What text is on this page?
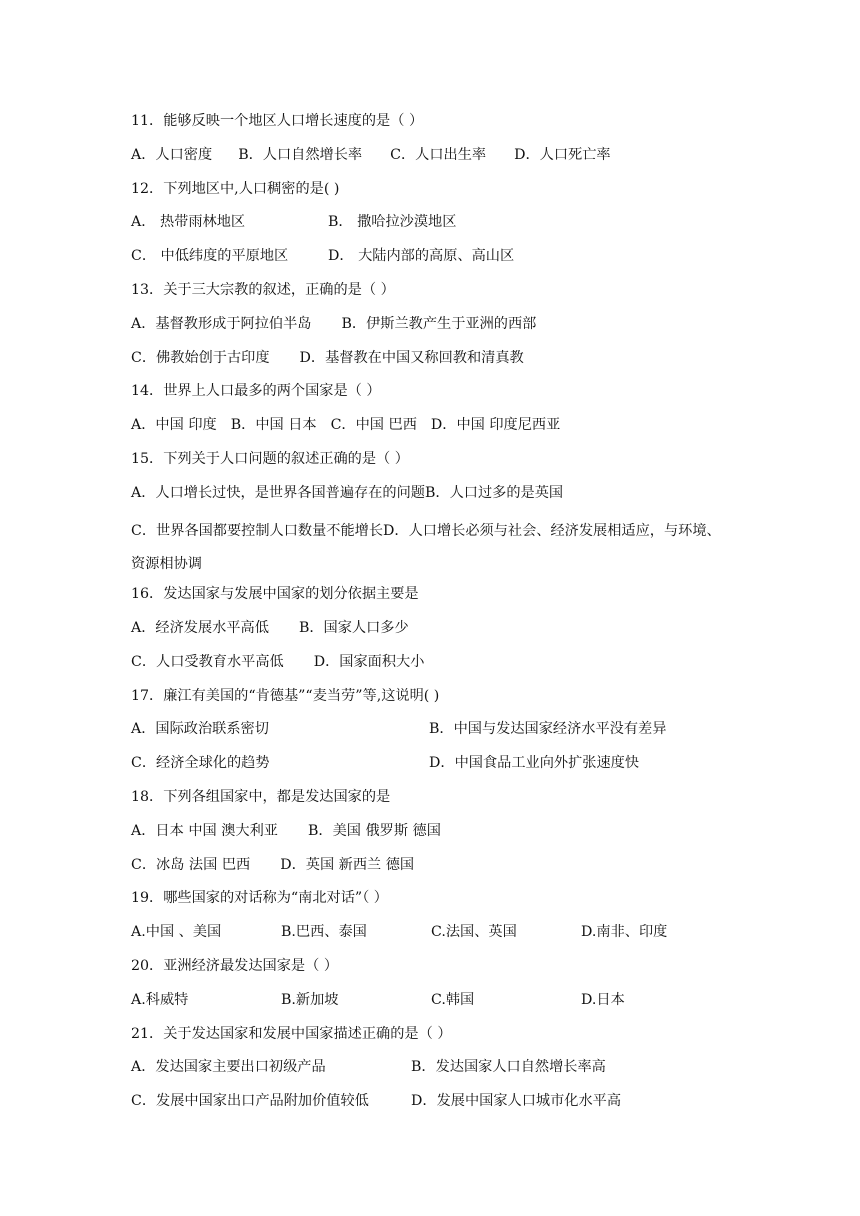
11．能够反映一个地区人口增长速度的是（ ）
A．人口密度 B．人口自然增长率 C．人口出生率 D．人口死亡率
12．下列地区中,人口稠密的是( )
A． 热带雨林地区	B． 撒哈拉沙漠地区
C． 中低纬度的平原地区	D． 大陆内部的高原、高山区
13．关于三大宗教的叙述，正确的是（ ）
A．基督教形成于阿拉伯半岛 B．伊斯兰教产生于亚洲的西部
C．佛教始创于古印度 D．基督教在中国又称回教和清真教
14．世界上人口最多的两个国家是（ ）
A．中国 印度 B．中国 日本 C．中国 巴西 D．中国 印度尼西亚
15．下列关于人口问题的叙述正确的是（ ）
A．人口增长过快，是世界各国普遍存在的问题B．人口过多的是英国
C．世界各国都要控制人口数量不能增长D．人口增长必须与社会、经济发展相适应，与环境、资源相协调
16．发达国家与发展中国家的划分依据主要是
A．经济发展水平高低 B．国家人口多少
C．人口受教育水平高低 D．国家面积大小
17．廉江有美国的“肯德基”“麦当劳”等,这说明( )
A．国际政治联系密切	B．中国与发达国家经济水平没有差异
C．经济全球化的趋势	D．中国食品工业向外扩张速度快
18．下列各组国家中，都是发达国家的是
A．日本 中国 澳大利亚 B．美国 俄罗斯 德国
C．冰岛 法国 巴西 D．英国 新西兰 德国
19．哪些国家的对话称为“南北对话”（ ）
A.中国 、美国	B.巴西、泰国	C.法国、英国	D.南非、印度
20．亚洲经济最发达国家是（ ）
A.科威特	B.新加坡	C.韩国	D.日本
21．关于发达国家和发展中国家描述正确的是（ ）
A．发达国家主要出口初级产品	B．发达国家人口自然增长率高
C．发展中国家出口产品附加价值较低	D．发展中国家人口城市化水平高
